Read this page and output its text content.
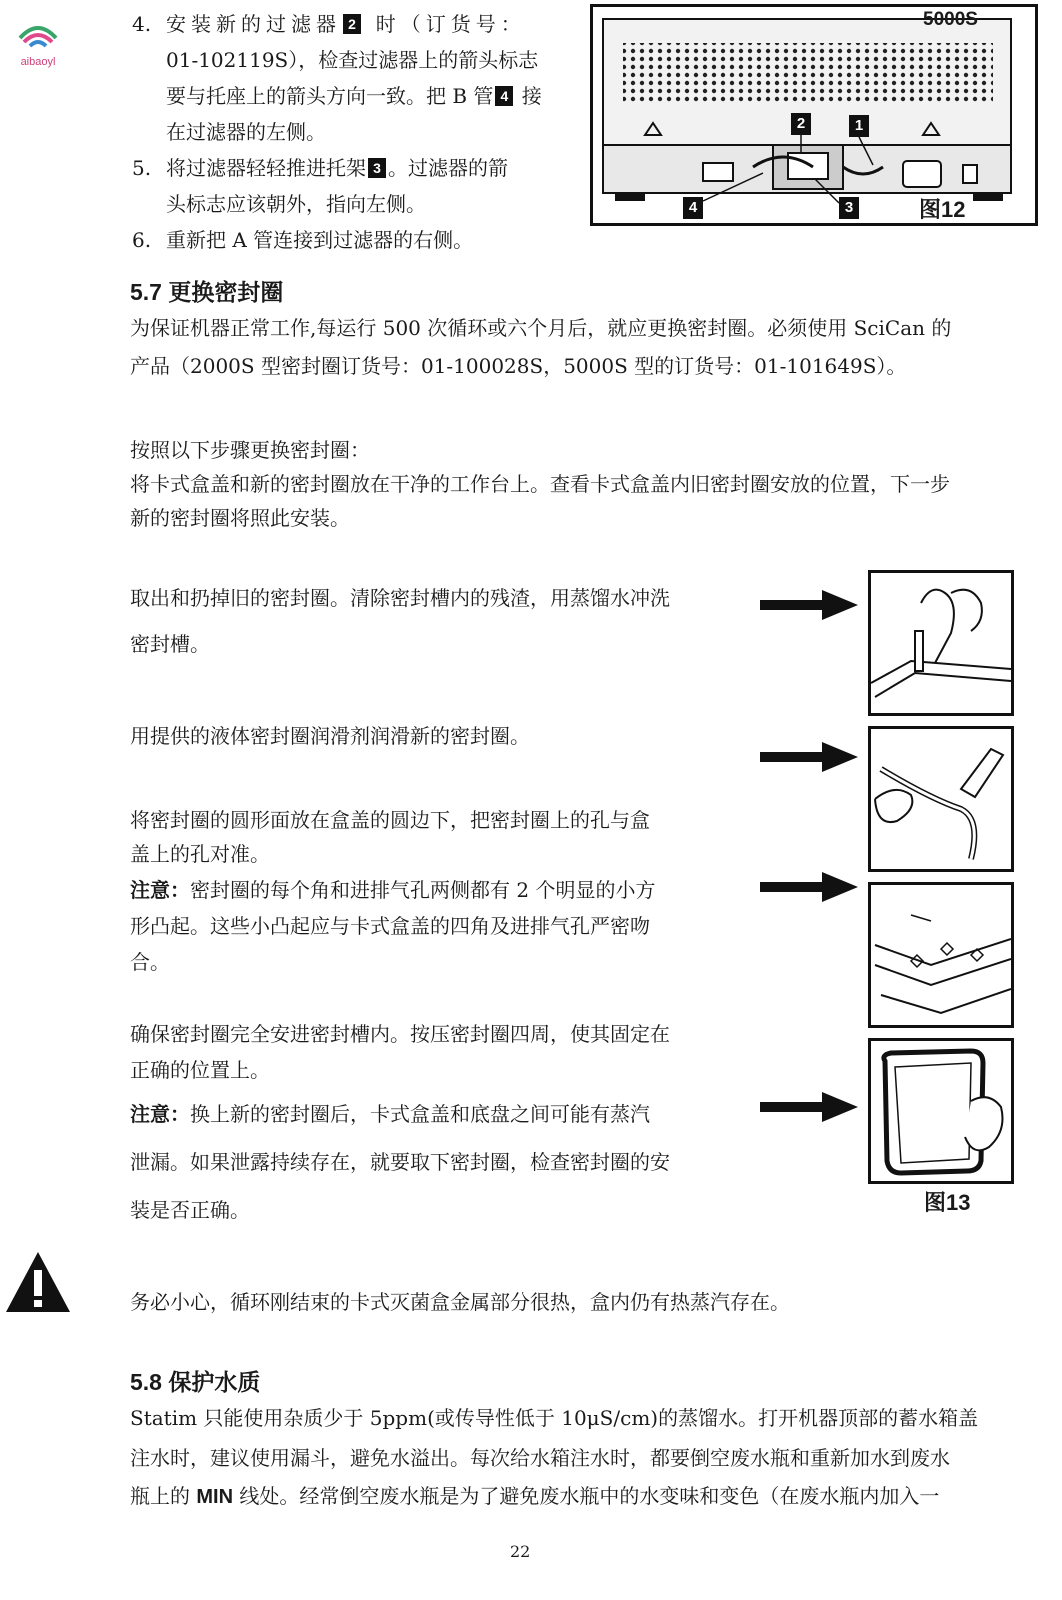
aibaoyl

4. 安装新的过滤器 2 时（订货号：

01-102119S），检查过滤器上的箭头标志

要与托座上的箭头方向一致。把 B 管 4 接

在过滤器的左侧。

5. 将过滤器轻轻推进托架 3 。过滤器的箭

头标志应该朝外，指向左侧。

6. 重新把 A 管连接到过滤器的右侧。

5000S
2	1
4	3	图12
5.7 更换密封圈

为保证机器正常工作,每运行 500 次循环或六个月后，就应更换密封圈。必须使用 SciCan 的

产品（2000S 型密封圈订货号：01-100028S，5000S 型的订货号：01-101649S）。

按照以下步骤更换密封圈：

将卡式盒盖和新的密封圈放在干净的工作台上。查看卡式盒盖内旧密封圈安放的位置，下一步

新的密封圈将照此安装。

取出和扔掉旧的密封圈。清除密封槽内的残渣，用蒸馏水冲洗

密封槽。

用提供的液体密封圈润滑剂润滑新的密封圈。

将密封圈的圆形面放在盒盖的圆边下，把密封圈上的孔与盒

盖上的孔对准。

注意：密封圈的每个角和进排气孔两侧都有 2 个明显的小方

形凸起。这些小凸起应与卡式盒盖的四角及进排气孔严密吻

合。

确保密封圈完全安进密封槽内。按压密封圈四周，使其固定在

正确的位置上。

注意：换上新的密封圈后，卡式盒盖和底盘之间可能有蒸汽

泄漏。如果泄露持续存在，就要取下密封圈，检查密封圈的安

装是否正确。	图13

务必小心，循环刚结束的卡式灭菌盒金属部分很热，盒内仍有热蒸汽存在。

5.8 保护水质

Statim 只能使用杂质少于 5ppm(或传导性低于 10μS/cm)的蒸馏水。打开机器顶部的蓄水箱盖

注水时，建议使用漏斗，避免水溢出。每次给水箱注水时，都要倒空废水瓶和重新加水到废水

瓶上的 MIN 线处。经常倒空废水瓶是为了避免废水瓶中的水变味和变色（在废水瓶内加入一

22
